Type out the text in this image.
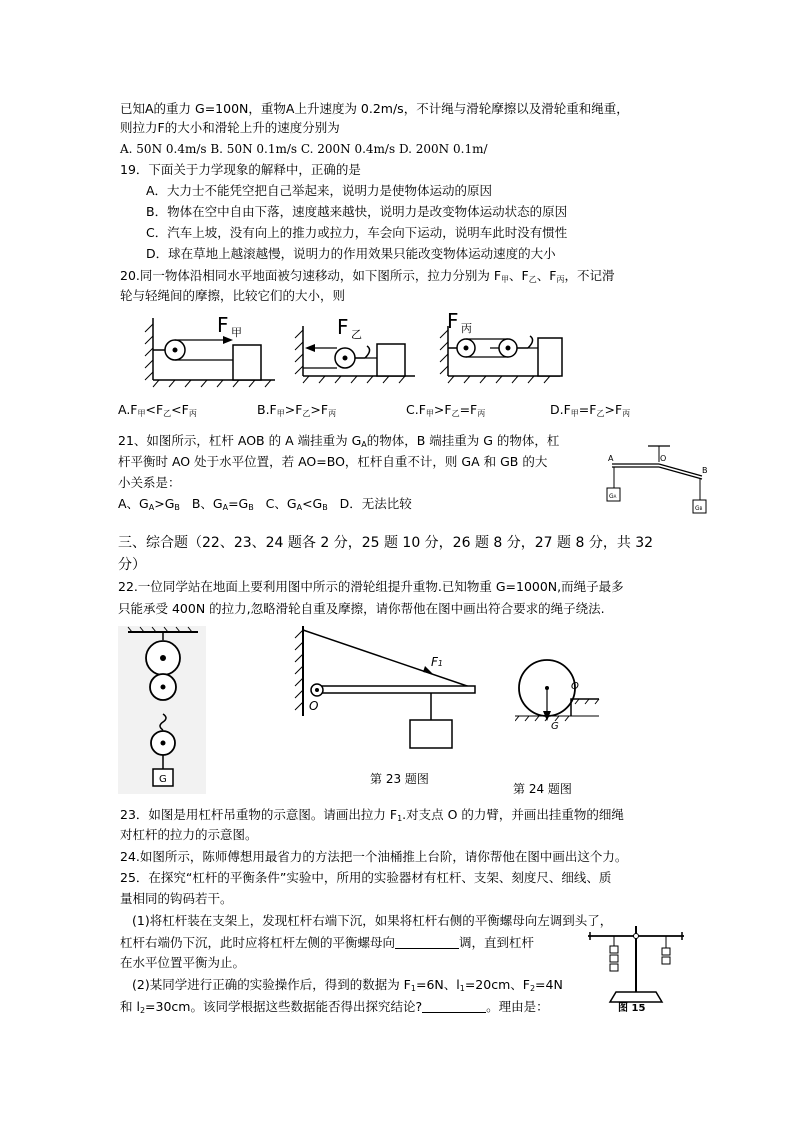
已知A的重力 G=100N，重物A上升速度为 0.2m/s，不计绳与滑轮摩擦以及滑轮重和绳重，
则拉力F的大小和滑轮上升的速度分别为
A. 50N 0.4m/s B. 50N 0.1m/s C. 200N 0.4m/s D. 200N 0.1m/
19．下面关于力学现象的解释中，正确的是
A．大力士不能凭空把自己举起来，说明力是使物体运动的原因
B．物体在空中自由下落，速度越来越快，说明力是改变物体运动状态的原因
C．汽车上坡，没有向上的推力或拉力，车会向下运动，说明车此时没有惯性
D．球在草地上越滚越慢，说明力的作用效果只能改变物体运动速度的大小
20.同一物体沿相同水平地面被匀速移动，如下图所示，拉力分别为 $F_甲$、$F_乙$、$F_丙$，不记滑
轮与轻绳间的摩擦，比较它们的大小，则
F 甲	F 乙
F 丙
$A.F_甲<F_乙<F_丙$	$B.F_甲>F_乙>F_丙$	$C.F_甲>F_乙=F_丙$	$D.F_甲=F_乙>F_丙$
21、如图所示，杠杆 AOB 的 A 端挂重为 $G_A$的物体，B 端挂重为 G 的物体，杠
杆平衡时 AO 处于水平位置，若 AO=BO，杠杆自重不计，则 GA 和 GB 的大
小关系是：
A、$G_A>G_B$ B、$G_A=G_B$ C、$G_A<G_B$ D．无法比较
A	O
B
GA
GB
三、综合题（22、23、24 题各 2 分，25 题 10 分，26 题 8 分，27 题 8 分，共 32
分）
22.一位同学站在地面上要利用图中所示的滑轮组提升重物.已知物重 G=1000N,而绳子最多
只能承受 400N 的拉力,忽略滑轮自重及摩擦，请你帮他在图中画出符合要求的绳子绕法.
G
F1
O
第 23 题图
O
G
第 24 题图
23．如图是用杠杆吊重物的示意图。请画出拉力 $F_1$.对支点 O 的力臂，并画出挂重物的细绳
对杠杆的拉力的示意图。
24.如图所示，陈师傅想用最省力的方法把一个油桶推上台阶，请你帮他在图中画出这个力。
25．在探究“杠杆的平衡条件”实验中，所用的实验器材有杠杆、支架、刻度尺、细线、质
量相同的钩码若干。
(1)将杠杆装在支架上，发现杠杆右端下沉，如果将杠杆右侧的平衡螺母向左调到头了，
杠杆右端仍下沉，此时应将杠杆左侧的平衡螺母向	调，直到杠杆
在水平位置平衡为止。
(2)某同学进行正确的实验操作后，得到的数据为 $F_1=6N$、$l_1=20cm$、$F_2=4N$
和 $l_2=30cm$。该同学根据这些数据能否得出探究结论?	。理由是：	图 15
